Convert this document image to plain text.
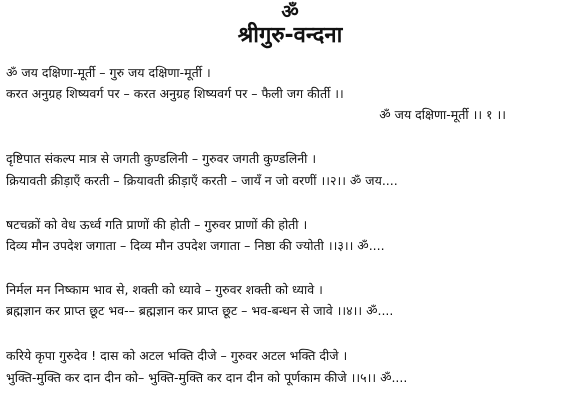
ॐ
श्रीगुरु-वन्दना
ॐ जय दक्षिणा-मूर्ती – गुरु जय दक्षिणा-मूर्ती ।
करत अनुग्रह शिष्यवर्ग पर – करत अनुग्रह शिष्यवर्ग पर – फैली जग कीर्ती ।।
ॐ जय दक्षिणा-मूर्ती ।। १ ।।
दृष्टिपात संकल्प मात्र से जगती कुण्डलिनी – गुरुवर जगती कुण्डलिनी ।
क्रियावती क्रीड़ाएँ करती – क्रियावती क्रीड़ाएँ करती – जायँ न जो वरणीं ।।२।। ॐ जय....
षटचक्रों को वेध ऊर्ध्व गति प्राणों की होती – गुरुवर प्राणों की होती ।
दिव्य मौन उपदेश जगाता – दिव्य मौन उपदेश जगाता – निष्ठा की ज्योती ।।३।। ॐ....
निर्मल मन निष्काम भाव से, शक्ती को ध्यावे – गुरुवर शक्ती को ध्यावे ।
ब्रह्मज्ञान कर प्राप्त छूट भव-– ब्रह्मज्ञान कर प्राप्त छूट – भव-बन्धन से जावे ।।४।। ॐ....
करिये कृपा गुरुदेव ! दास को अटल भक्ति दीजे – गुरुवर अटल भक्ति दीजे ।
भुक्ति-मुक्ति कर दान दीन को– भुक्ति-मुक्ति कर दान दीन को पूर्णकाम कीजे ।।५।। ॐ....
